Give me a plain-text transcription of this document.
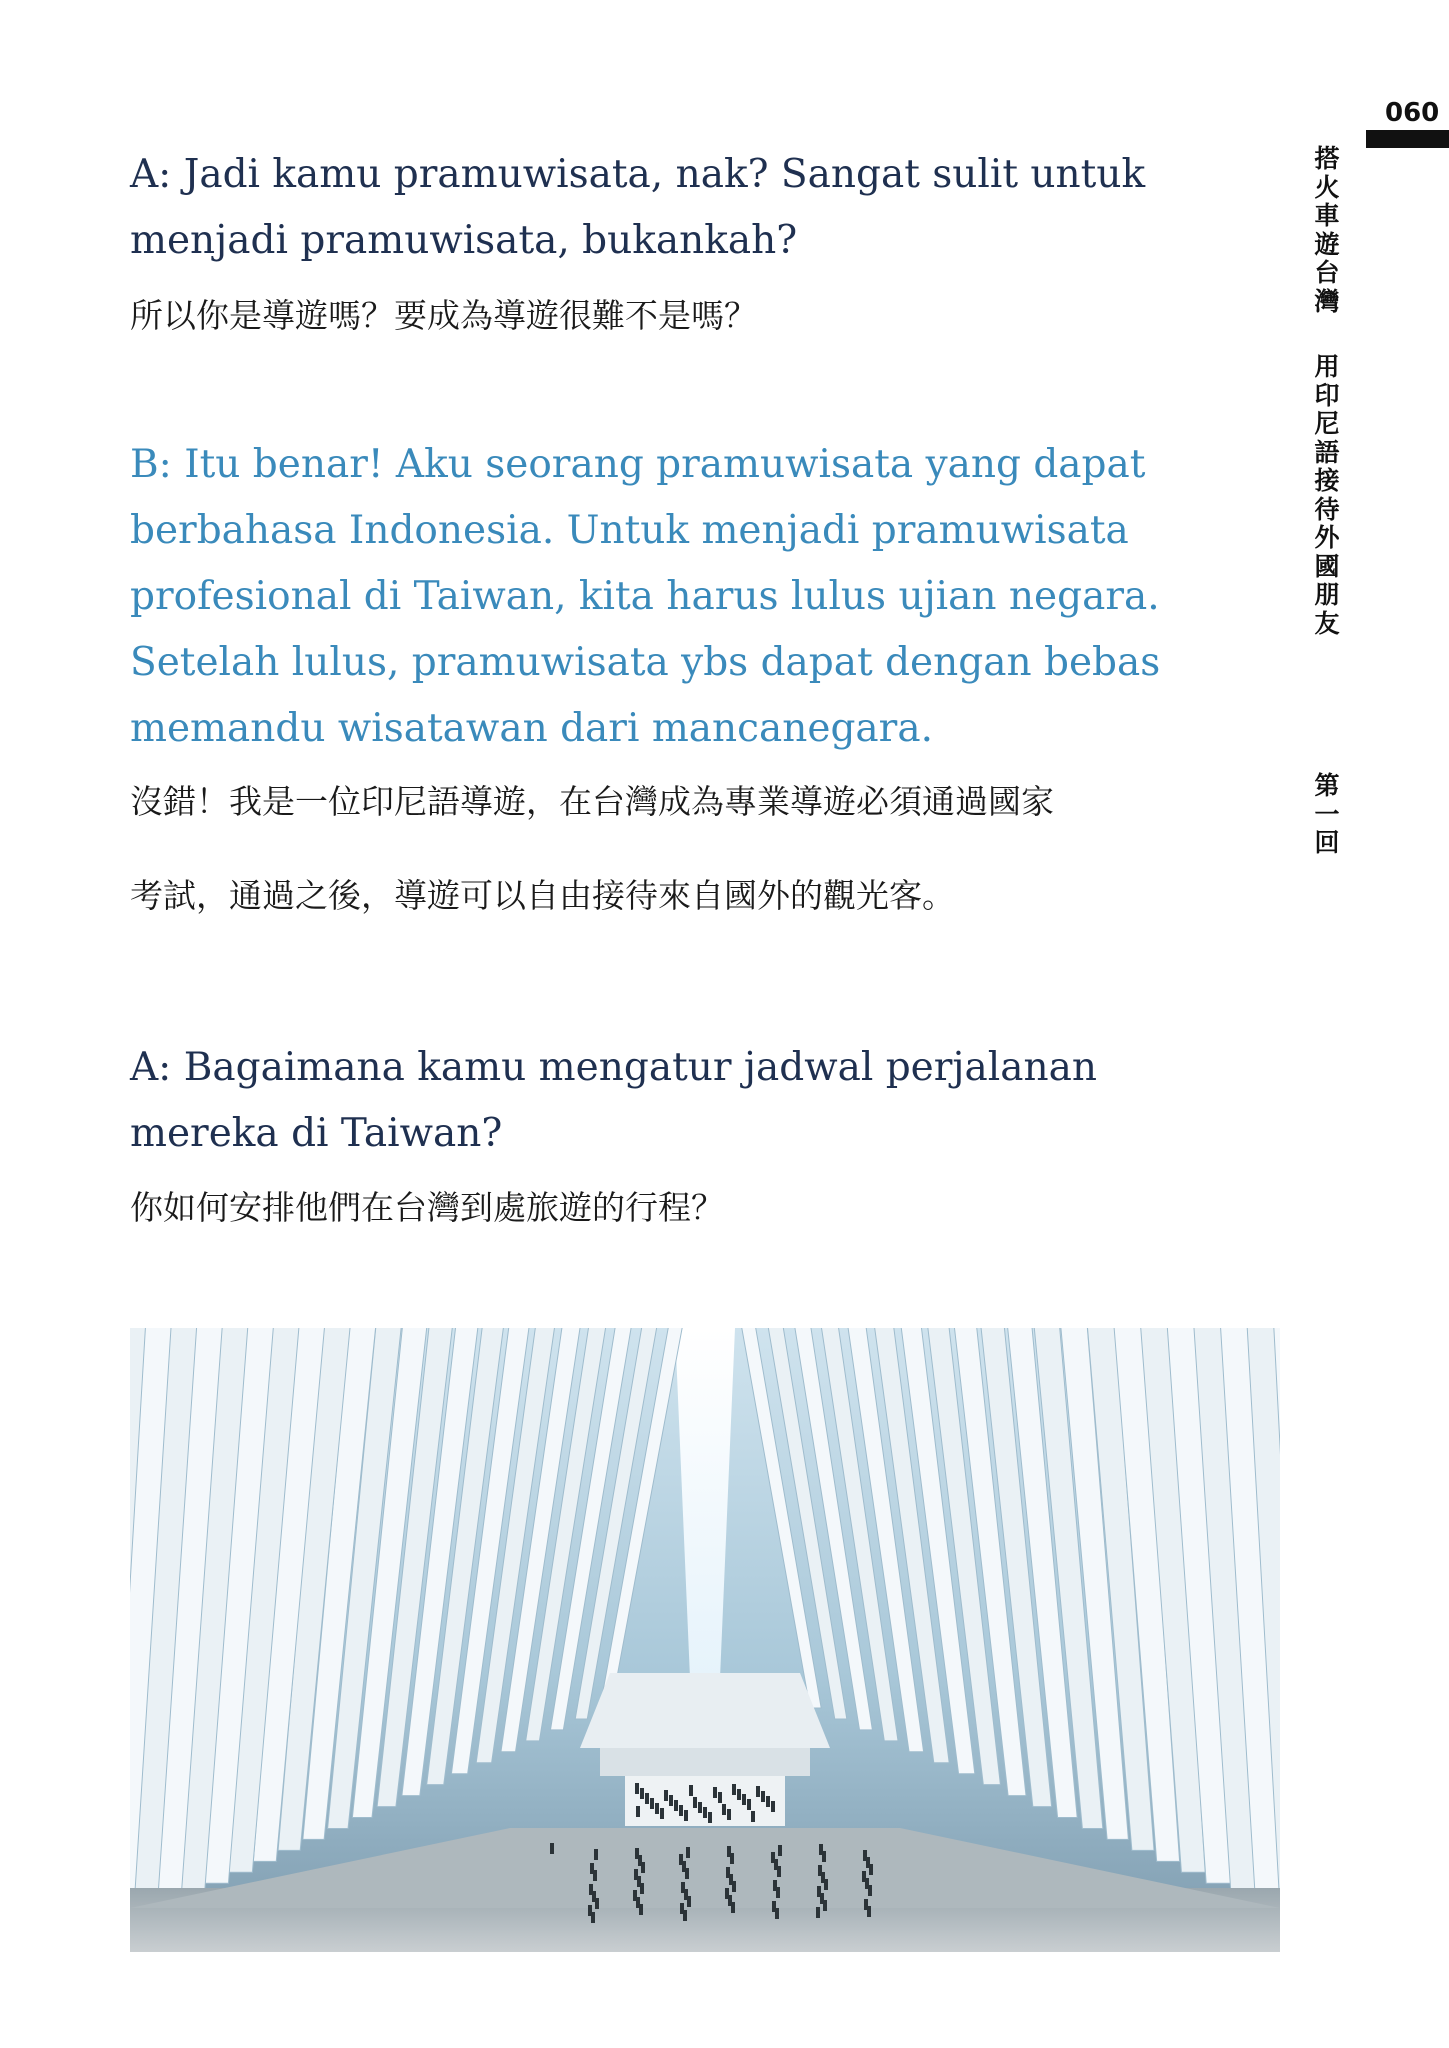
060
搭火車遊台灣
用印尼語接待外國朋友
第一回

A: Jadi kamu pramuwisata, nak? Sangat sulit untuk menjadi pramuwisata, bukankah?

所以你是導遊嗎？要成為導遊很難不是嗎？

B: Itu benar! Aku seorang pramuwisata yang dapat berbahasa Indonesia. Untuk menjadi pramuwisata profesional di Taiwan, kita harus lulus ujian negara. Setelah lulus, pramuwisata ybs dapat dengan bebas memandu wisatawan dari mancanegara.

沒錯！我是一位印尼語導遊，在台灣成為專業導遊必須通過國家

考試，通過之後，導遊可以自由接待來自國外的觀光客。

A: Bagaimana kamu mengatur jadwal perjalanan mereka di Taiwan?

你如何安排他們在台灣到處旅遊的行程？
